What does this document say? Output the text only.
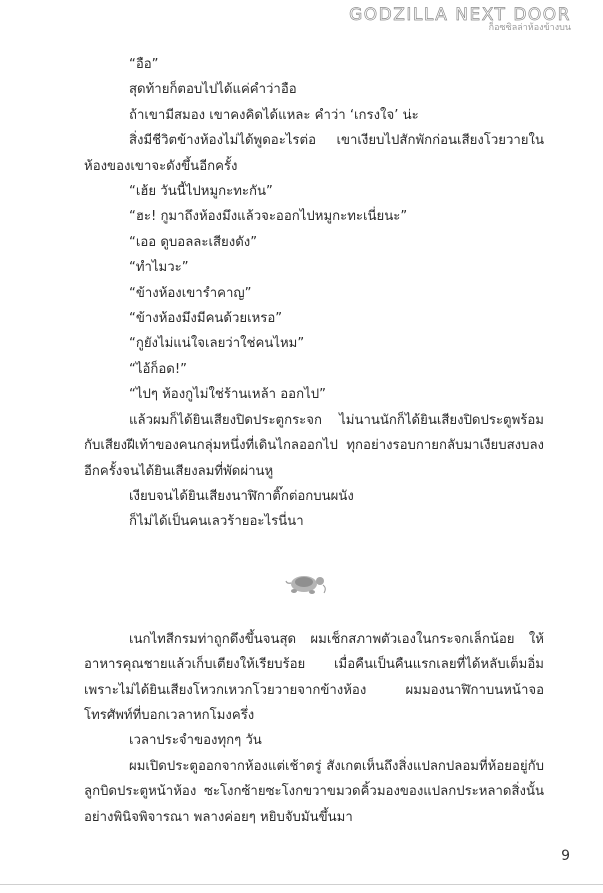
GODZILLA NEXT DOOR
ก็อซซิลล่าห้องข้างบน

“อือ”

สุดท้ายก็ตอบไปได้แค่คำว่าอือ

ถ้าเขามีสมอง เขาคงคิดได้แหละ คำว่า ‘เกรงใจ’ น่ะ

สิ่งมีชีวิตข้างห้องไม่ได้พูดอะไรต่อ เขาเงียบไปสักพักก่อนเสียงโวยวายในห้องของเขาจะดังขึ้นอีกครั้ง

“เฮ้ย วันนี้ไปหมูกะทะกัน”

“ฮะ! กูมาถึงห้องมึงแล้วจะออกไปหมูกะทะเนี่ยนะ”

“เออ ดูบอลละเสียงดัง”

“ทำไมวะ”

“ข้างห้องเขารำคาญ”

“ข้างห้องมึงมีคนด้วยเหรอ”

“กูยังไม่แน่ใจเลยว่าใช่คนไหม”

“ไอ้ก็อด!”

“ไปๆ ห้องกูไม่ใช่ร้านเหล้า ออกไป”

แล้วผมก็ได้ยินเสียงปิดประตูกระจก ไม่นานนักก็ได้ยินเสียงปิดประตูพร้อมกับเสียงฝีเท้าของคนกลุ่มหนึ่งที่เดินไกลออกไป ทุกอย่างรอบกายกลับมาเงียบสงบลงอีกครั้งจนได้ยินเสียงลมที่พัดผ่านหู

เงียบจนได้ยินเสียงนาฬิกาติ๊กต่อกบนผนัง

ก็ไม่ได้เป็นคนเลวร้ายอะไรนี่นา

เนกไทสีกรมท่าถูกดึงขึ้นจนสุด ผมเช็กสภาพตัวเองในกระจกเล็กน้อย ให้อาหารคุณชายแล้วเก็บเตียงให้เรียบร้อย เมื่อคืนเป็นคืนแรกเลยที่ได้หลับเต็มอิ่ม เพราะไม่ได้ยินเสียงโหวกเหวกโวยวายจากข้างห้อง ผมมองนาฬิกาบนหน้าจอโทรศัพท์ที่บอกเวลาหกโมงครึ่ง

เวลาประจำของทุกๆ วัน

ผมเปิดประตูออกจากห้องแต่เช้าตรู่ สังเกตเห็นถึงสิ่งแปลกปลอมที่ห้อยอยู่กับลูกบิดประตูหน้าห้อง ซะโงกซ้ายซะโงกขวาขมวดคิ้วมองของแปลกประหลาดสิ่งนั้นอย่างพินิจพิจารณา พลางค่อยๆ หยิบจับมันขึ้นมา

9
